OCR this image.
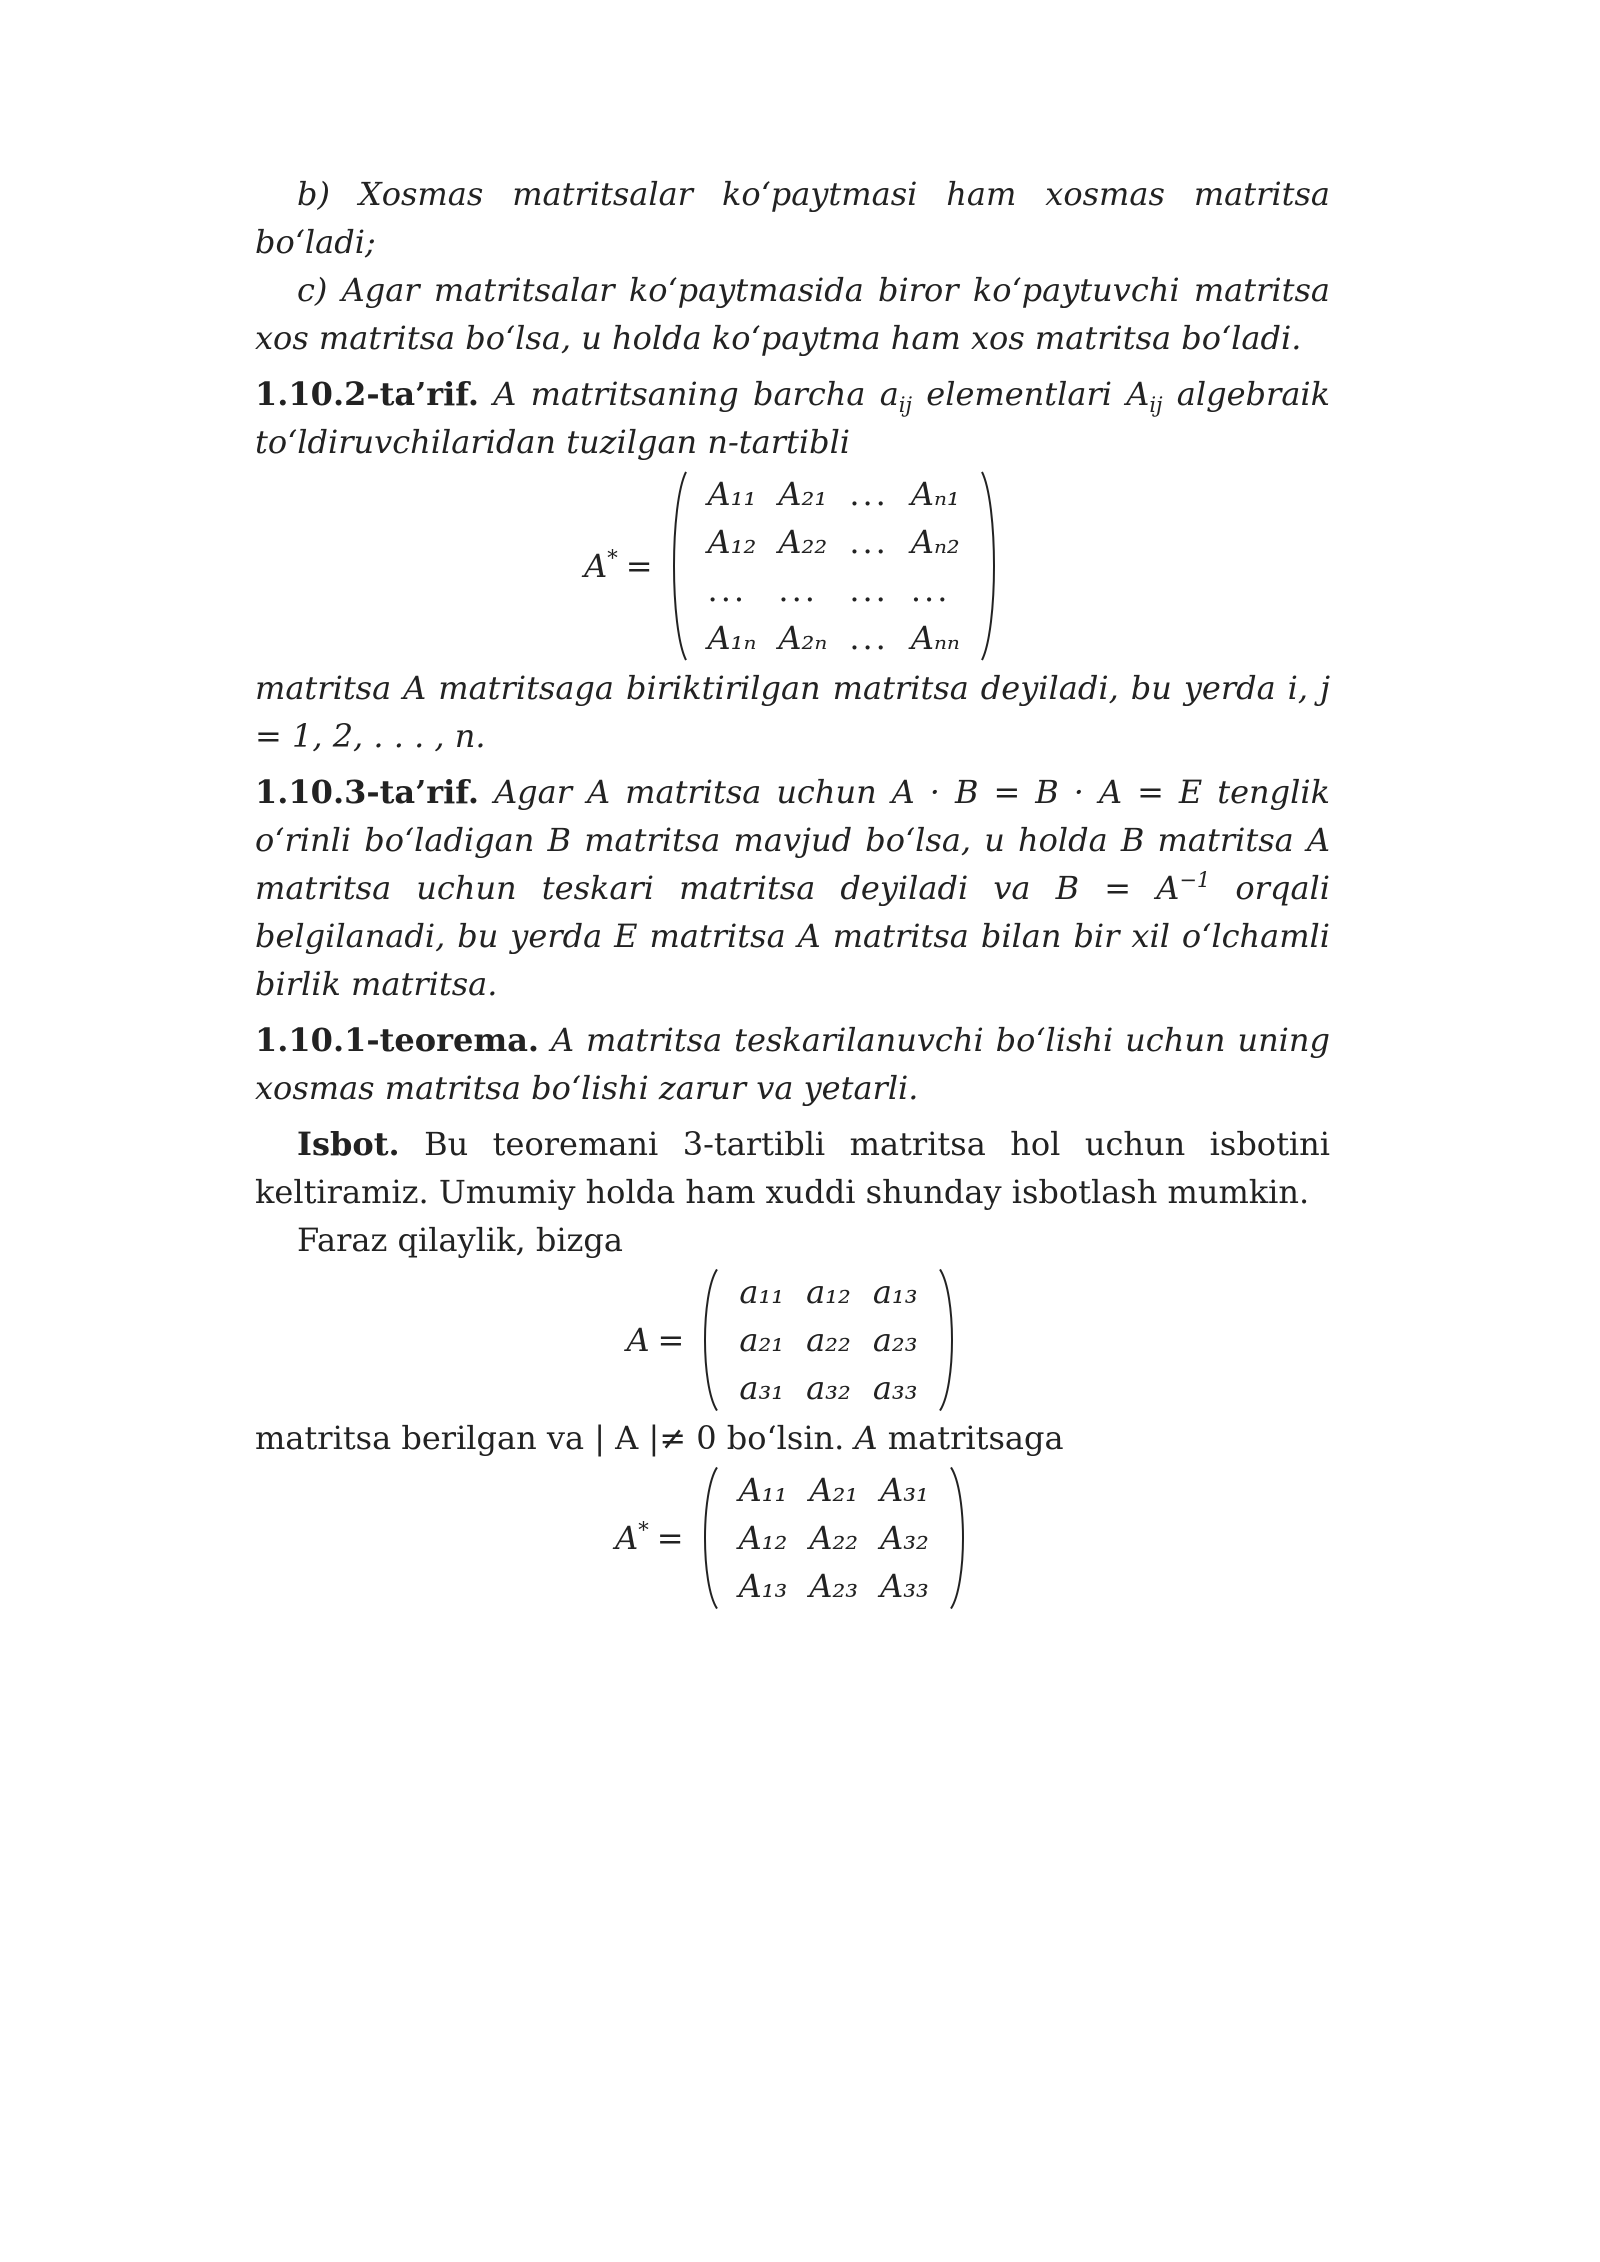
b) Xosmas matritsalar ko‘paytmasi ham xosmas matritsa bo‘ladi;

c) Agar matritsalar ko‘paytmasida biror ko‘paytuvchi matritsa xos matritsa bo‘lsa, u holda ko‘paytma ham xos matritsa bo‘ladi.

1.10.2-ta’rif. A matritsaning barcha $a_{ij}$ elementlari $A_{ij}$ algebraik to‘ldiruvchilaridan tuzilgan n-tartibli

A* =
A₁₁	A₂₁	...	Aₙ₁
A₁₂	A₂₂	...	Aₙ₂
...	...	...	...
A₁ₙ	A₂ₙ	...	Aₙₙ

matritsa A matritsaga biriktirilgan matritsa deyiladi, bu yerda i, j = 1, 2, . . . , n.

1.10.3-ta’rif. Agar A matritsa uchun A · B = B · A = E tenglik o‘rinli bo‘ladigan B matritsa mavjud bo‘lsa, u holda B matritsa A matritsa uchun teskari matritsa deyiladi va $B = A^{-1}$ orqali belgilanadi, bu yerda E matritsa A matritsa bilan bir xil o‘lchamli birlik matritsa.

1.10.1-teorema. A matritsa teskarilanuvchi bo‘lishi uchun uning xosmas matritsa bo‘lishi zarur va yetarli.

Isbot. Bu teoremani 3-tartibli matritsa hol uchun isbotini keltiramiz. Umumiy holda ham xuddi shunday isbotlash mumkin.

Faraz qilaylik, bizga

A =
a₁₁	a₁₂	a₁₃
a₂₁	a₂₂	a₂₃
a₃₁	a₃₂	a₃₃

matritsa berilgan va | A |≠ 0 bo‘lsin. A matritsaga

A* =
A₁₁	A₂₁	A₃₁
A₁₂	A₂₂	A₃₂
A₁₃	A₂₃	A₃₃
